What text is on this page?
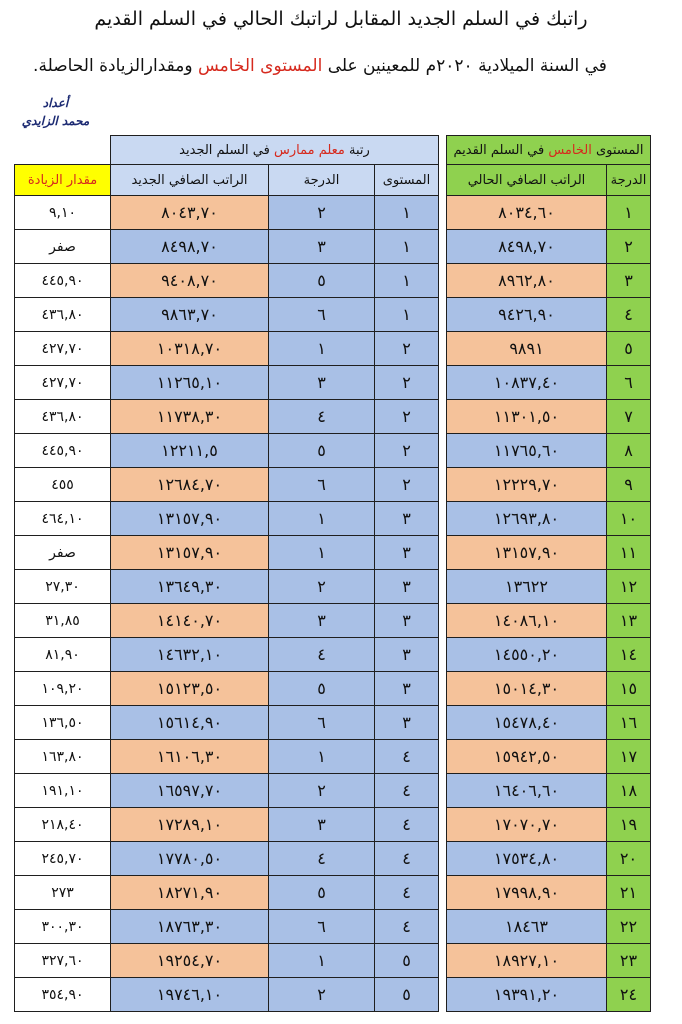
راتبك في السلم الجديد المقابل لراتبك الحالي في السلم القديم
في السنة الميلادية ٢٠٢٠م للمعينين على المستوى الخامس ومقدارالزيادة الحاصلة.
أعداد
محمد الزايدي
المستوى الخامس في السلم القديم			رتبة معلم ممارس في السلم الجديد			
الدرجة	الراتب الصافي الحالي		المستوى	الدرجة	الراتب الصافي الجديد	مقدار الزيادة
١	٨٠٣٤,٦٠		١	٢	٨٠٤٣,٧٠	٩,١٠
٢	٨٤٩٨,٧٠		١	٣	٨٤٩٨,٧٠	صفر
٣	٨٩٦٢,٨٠		١	٥	٩٤٠٨,٧٠	٤٤٥,٩٠
٤	٩٤٢٦,٩٠		١	٦	٩٨٦٣,٧٠	٤٣٦,٨٠
٥	٩٨٩١		٢	١	١٠٣١٨,٧٠	٤٢٧,٧٠
٦	١٠٨٣٧,٤٠		٢	٣	١١٢٦٥,١٠	٤٢٧,٧٠
٧	١١٣٠١,٥٠		٢	٤	١١٧٣٨,٣٠	٤٣٦,٨٠
٨	١١٧٦٥,٦٠		٢	٥	١٢٢١١,٥	٤٤٥,٩٠
٩	١٢٢٢٩,٧٠		٢	٦	١٢٦٨٤,٧٠	٤٥٥
١٠	١٢٦٩٣,٨٠		٣	١	١٣١٥٧,٩٠	٤٦٤,١٠
١١	١٣١٥٧,٩٠		٣	١	١٣١٥٧,٩٠	صفر
١٢	١٣٦٢٢		٣	٢	١٣٦٤٩,٣٠	٢٧,٣٠
١٣	١٤٠٨٦,١٠		٣	٣	١٤١٤٠,٧٠	٣١,٨٥
١٤	١٤٥٥٠,٢٠		٣	٤	١٤٦٣٢,١٠	٨١,٩٠
١٥	١٥٠١٤,٣٠		٣	٥	١٥١٢٣,٥٠	١٠٩,٢٠
١٦	١٥٤٧٨,٤٠		٣	٦	١٥٦١٤,٩٠	١٣٦,٥٠
١٧	١٥٩٤٢,٥٠		٤	١	١٦١٠٦,٣٠	١٦٣,٨٠
١٨	١٦٤٠٦,٦٠		٤	٢	١٦٥٩٧,٧٠	١٩١,١٠
١٩	١٧٠٧٠,٧٠		٤	٣	١٧٢٨٩,١٠	٢١٨,٤٠
٢٠	١٧٥٣٤,٨٠		٤	٤	١٧٧٨٠,٥٠	٢٤٥,٧٠
٢١	١٧٩٩٨,٩٠		٤	٥	١٨٢٧١,٩٠	٢٧٣
٢٢	١٨٤٦٣		٤	٦	١٨٧٦٣,٣٠	٣٠٠,٣٠
٢٣	١٨٩٢٧,١٠		٥	١	١٩٢٥٤,٧٠	٣٢٧,٦٠
٢٤	١٩٣٩١,٢٠		٥	٢	١٩٧٤٦,١٠	٣٥٤,٩٠
